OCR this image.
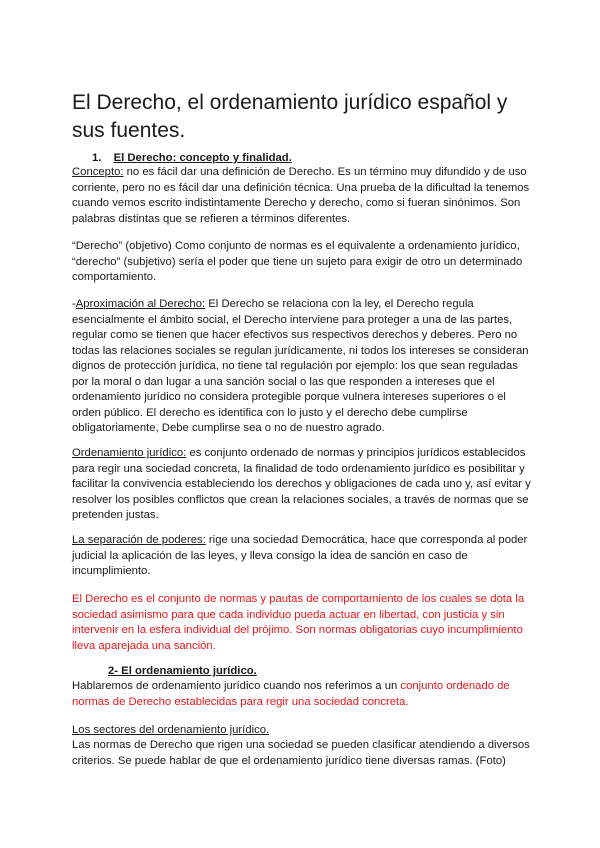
El Derecho, el ordenamiento jurídico español y sus fuentes.
1. El Derecho: concepto y finalidad.

Concepto: no es fácil dar una definición de Derecho. Es un término muy difundido y de uso corriente, pero no es fácil dar una definición técnica. Una prueba de la dificultad la tenemos cuando vemos escrito indistintamente Derecho y derecho, como si fueran sinónimos. Son palabras distintas que se refieren a términos diferentes.

“Derecho” (objetivo) Como conjunto de normas es el equivalente a ordenamiento jurídico, “derecho” (subjetivo) sería el poder que tiene un sujeto para exigir de otro un determinado comportamiento.

-Aproximación al Derecho: El Derecho se relaciona con la ley, el Derecho regula esencialmente el ámbito social, el Derecho interviene para proteger a una de las partes, regular como se tienen que hacer efectivos sus respectivos derechos y deberes. Pero no todas las relaciones sociales se regulan jurídicamente, ni todos los intereses se consideran dignos de protección jurídica, no tiene tal regulación por ejemplo: los que sean reguladas por la moral o dan lugar a una sanción social o las que responden a intereses que el ordenamiento jurídico no considera protegible porque vulnera intereses superiores o el orden público. El derecho es identifica con lo justo y el derecho debe cumplirse obligatoriamente, Debe cumplirse sea o no de nuestro agrado.

Ordenamiento jurídico: es conjunto ordenado de normas y principios jurídicos establecidos para regir una sociedad concreta, la finalidad de todo ordenamiento jurídico es posibilitar y facilitar la convivencia estableciendo los derechos y obligaciones de cada uno y, así evitar y resolver los posibles conflictos que crean la relaciones sociales, a través de normas que se pretenden justas.

La separación de poderes: rige una sociedad Democrática, hace que corresponda al poder judicial la aplicación de las leyes, y lleva consigo la idea de sanción en caso de incumplimiento.

El Derecho es el conjunto de normas y pautas de comportamiento de los cuales se dota la sociedad asimismo para que cada individuo pueda actuar en libertad, con justicia y sin intervenir en la esfera individual del prójimo. Son normas obligatorias cuyo incumplimiento lleva aparejada una sanción.

2- El ordenamiento jurídico.

Hablaremos de ordenamiento jurídico cuando nos referimos a un conjunto ordenado de normas de Derecho establecidas para regir una sociedad concreta.

Los sectores del ordenamiento jurídico.

Las normas de Derecho que rigen una sociedad se pueden clasificar atendiendo a diversos criterios. Se puede hablar de que el ordenamiento jurídico tiene diversas ramas. (Foto)
